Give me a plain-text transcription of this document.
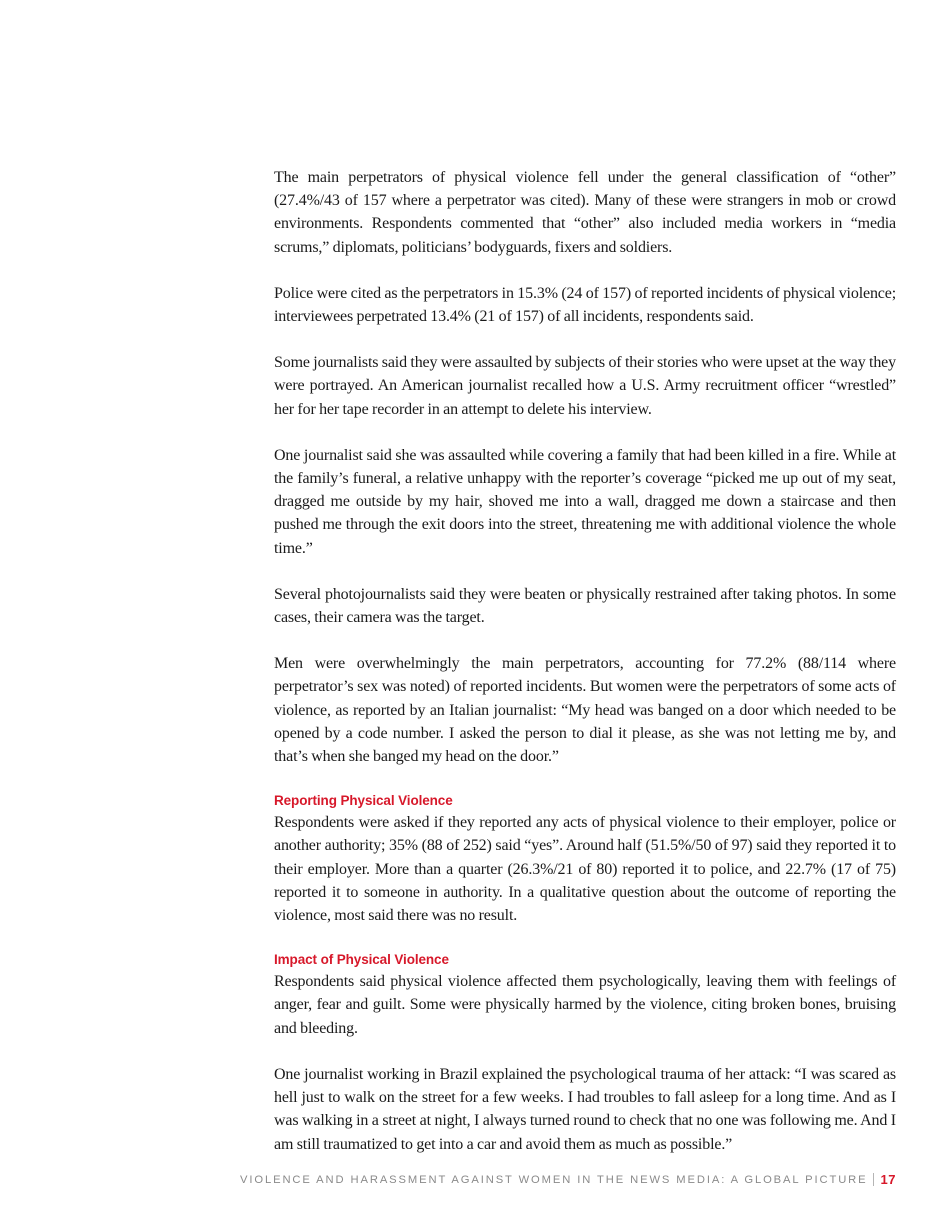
The main perpetrators of physical violence fell under the general classification of “other” (27.4%/43 of 157 where a perpetrator was cited). Many of these were strangers in mob or crowd environments. Respondents commented that “other” also included media workers in “media scrums,” diplomats, politicians’ bodyguards, fixers and soldiers.

Police were cited as the perpetrators in 15.3% (24 of 157) of reported incidents of physical violence; interviewees perpetrated 13.4% (21 of 157) of all incidents, respondents said.

Some journalists said they were assaulted by subjects of their stories who were upset at the way they were portrayed. An American journalist recalled how a U.S. Army recruitment officer “wrestled” her for her tape recorder in an attempt to delete his interview.

One journalist said she was assaulted while covering a family that had been killed in a fire. While at the family’s funeral, a relative unhappy with the reporter’s coverage “picked me up out of my seat, dragged me outside by my hair, shoved me into a wall, dragged me down a staircase and then pushed me through the exit doors into the street, threatening me with additional violence the whole time.”

Several photojournalists said they were beaten or physically restrained after taking photos. In some cases, their camera was the target.

Men were overwhelmingly the main perpetrators, accounting for 77.2% (88/114 where perpetrator’s sex was noted) of reported incidents. But women were the perpetrators of some acts of violence, as reported by an Italian journalist: “My head was banged on a door which needed to be opened by a code number. I asked the person to dial it please, as she was not letting me by, and that’s when she banged my head on the door.”

Reporting Physical Violence

Respondents were asked if they reported any acts of physical violence to their employer, police or another authority; 35% (88 of 252) said “yes”. Around half (51.5%/50 of 97) said they reported it to their employer. More than a quarter (26.3%/21 of 80) reported it to police, and 22.7% (17 of 75) reported it to someone in authority. In a qualitative question about the outcome of reporting the violence, most said there was no result.

Impact of Physical Violence

Respondents said physical violence affected them psychologically, leaving them with feelings of anger, fear and guilt. Some were physically harmed by the violence, citing broken bones, bruising and bleeding.

One journalist working in Brazil explained the psychological trauma of her attack: “I was scared as hell just to walk on the street for a few weeks. I had troubles to fall asleep for a long time. And as I was walking in a street at night, I always turned round to check that no one was following me. And I am still traumatized to get into a car and avoid them as much as possible.”

VIOLENCE AND HARASSMENT AGAINST WOMEN IN THE NEWS MEDIA: A GLOBAL PICTURE 17
